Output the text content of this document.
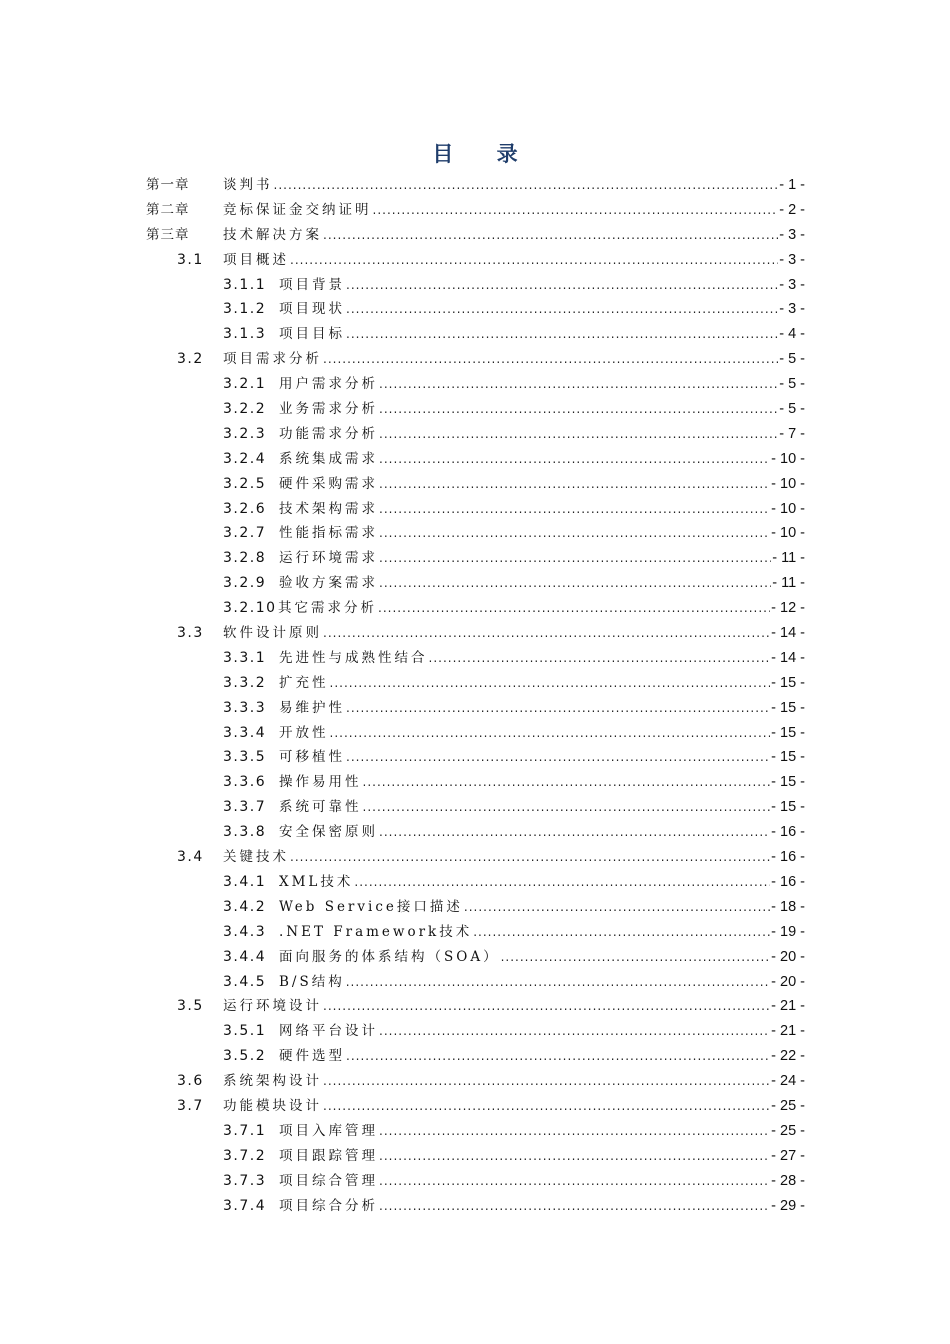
目 录
第一章 谈判书 .....	- 1 -
第二章 竞标保证金交纳证明 .....	- 2 -
第三章 技术解决方案 .....	- 3 -
3.1 项目概述 .....	- 3 -
3.1.1 项目背景 .....	- 3 -
3.1.2 项目现状 .....	- 3 -
3.1.3 项目目标 .....	- 4 -
3.2 项目需求分析 .....	- 5 -
3.2.1 用户需求分析 .....	- 5 -
3.2.2 业务需求分析 .....	- 5 -
3.2.3 功能需求分析 .....	- 7 -
3.2.4 系统集成需求 .....	- 10 -
3.2.5 硬件采购需求 .....	- 10 -
3.2.6 技术架构需求 .....	- 10 -
3.2.7 性能指标需求 .....	- 10 -
3.2.8 运行环境需求 .....	- 11 -
3.2.9 验收方案需求 .....	- 11 -
3.2.10 其它需求分析 .....	- 12 -
3.3 软件设计原则 .....	- 14 -
3.3.1 先进性与成熟性结合 .....	- 14 -
3.3.2 扩充性 .....	- 15 -
3.3.3 易维护性 .....	- 15 -
3.3.4 开放性 .....	- 15 -
3.3.5 可移植性 .....	- 15 -
3.3.6 操作易用性 .....	- 15 -
3.3.7 系统可靠性 .....	- 15 -
3.3.8 安全保密原则 .....	- 16 -
3.4 关键技术 .....	- 16 -
3.4.1 XML技术 .....	- 16 -
3.4.2 Web Service接口描述 .....	- 18 -
3.4.3 .NET Framework技术 .....	- 19 -
3.4.4 面向服务的体系结构（SOA） .....	- 20 -
3.4.5 B/S结构 .....	- 20 -
3.5 运行环境设计 .....	- 21 -
3.5.1 网络平台设计 .....	- 21 -
3.5.2 硬件选型 .....	- 22 -
3.6 系统架构设计 .....	- 24 -
3.7 功能模块设计 .....	- 25 -
3.7.1 项目入库管理 .....	- 25 -
3.7.2 项目跟踪管理 .....	- 27 -
3.7.3 项目综合管理 .....	- 28 -
3.7.4 项目综合分析 .....	- 29 -
